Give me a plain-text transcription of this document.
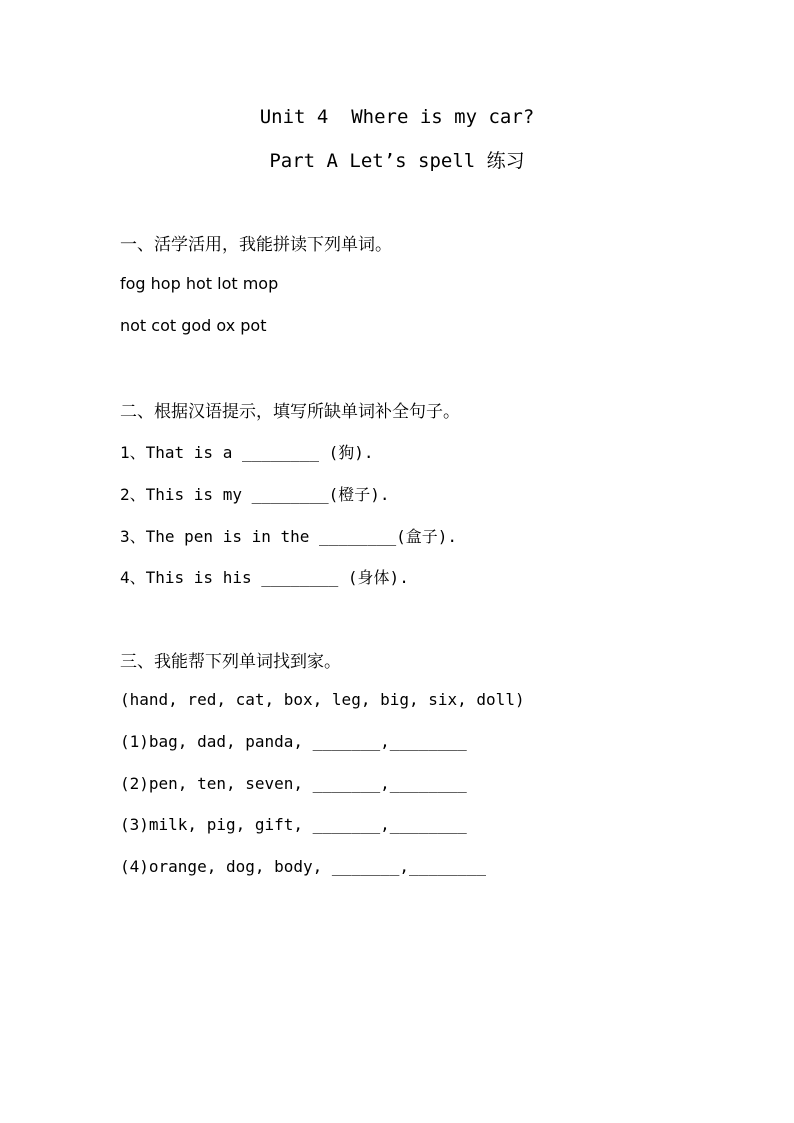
Unit 4  Where is my car?
Part A Let’s spell 练习
一、活学活用，我能拼读下列单词。
fog hop hot lot mop
not cot god ox pot
二、根据汉语提示，填写所缺单词补全句子。
1、That is a ________ (狗).
2、This is my ________(橙子).
3、The pen is in the ________(盒子).
4、This is his ________ (身体).
三、我能帮下列单词找到家。
(hand, red, cat, box, leg, big, six, doll)
(1)bag, dad, panda, _______,________
(2)pen, ten, seven, _______,________
(3)milk, pig, gift, _______,________
(4)orange, dog, body, _______,________
